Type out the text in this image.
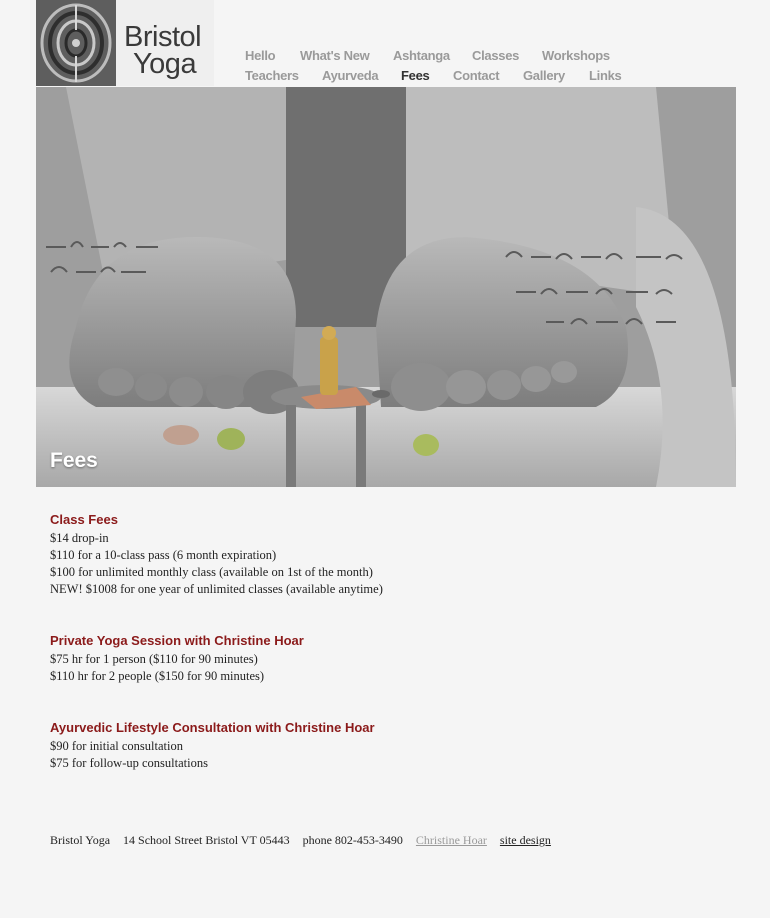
Bristol
Yoga	Hello What's New Ashtanga Classes Workshops
Teachers Ayurveda Fees Contact Gallery Links
Fees
Class Fees
$14 drop-in
$110 for a 10-class pass (6 month expiration)
$100 for unlimited monthly class (available on 1st of the month)
NEW! $1008 for one year of unlimited classes (available anytime)
Private Yoga Session with Christine Hoar
$75 hr for 1 person ($110 for 90 minutes)
$110 hr for 2 people ($150 for 90 minutes)
Ayurvedic Lifestyle Consultation with Christine Hoar
$90 for initial consultation
$75 for follow-up consultations
Bristol Yoga 14 School Street Bristol VT 05443 phone 802-453-3490 Christine Hoar site design
